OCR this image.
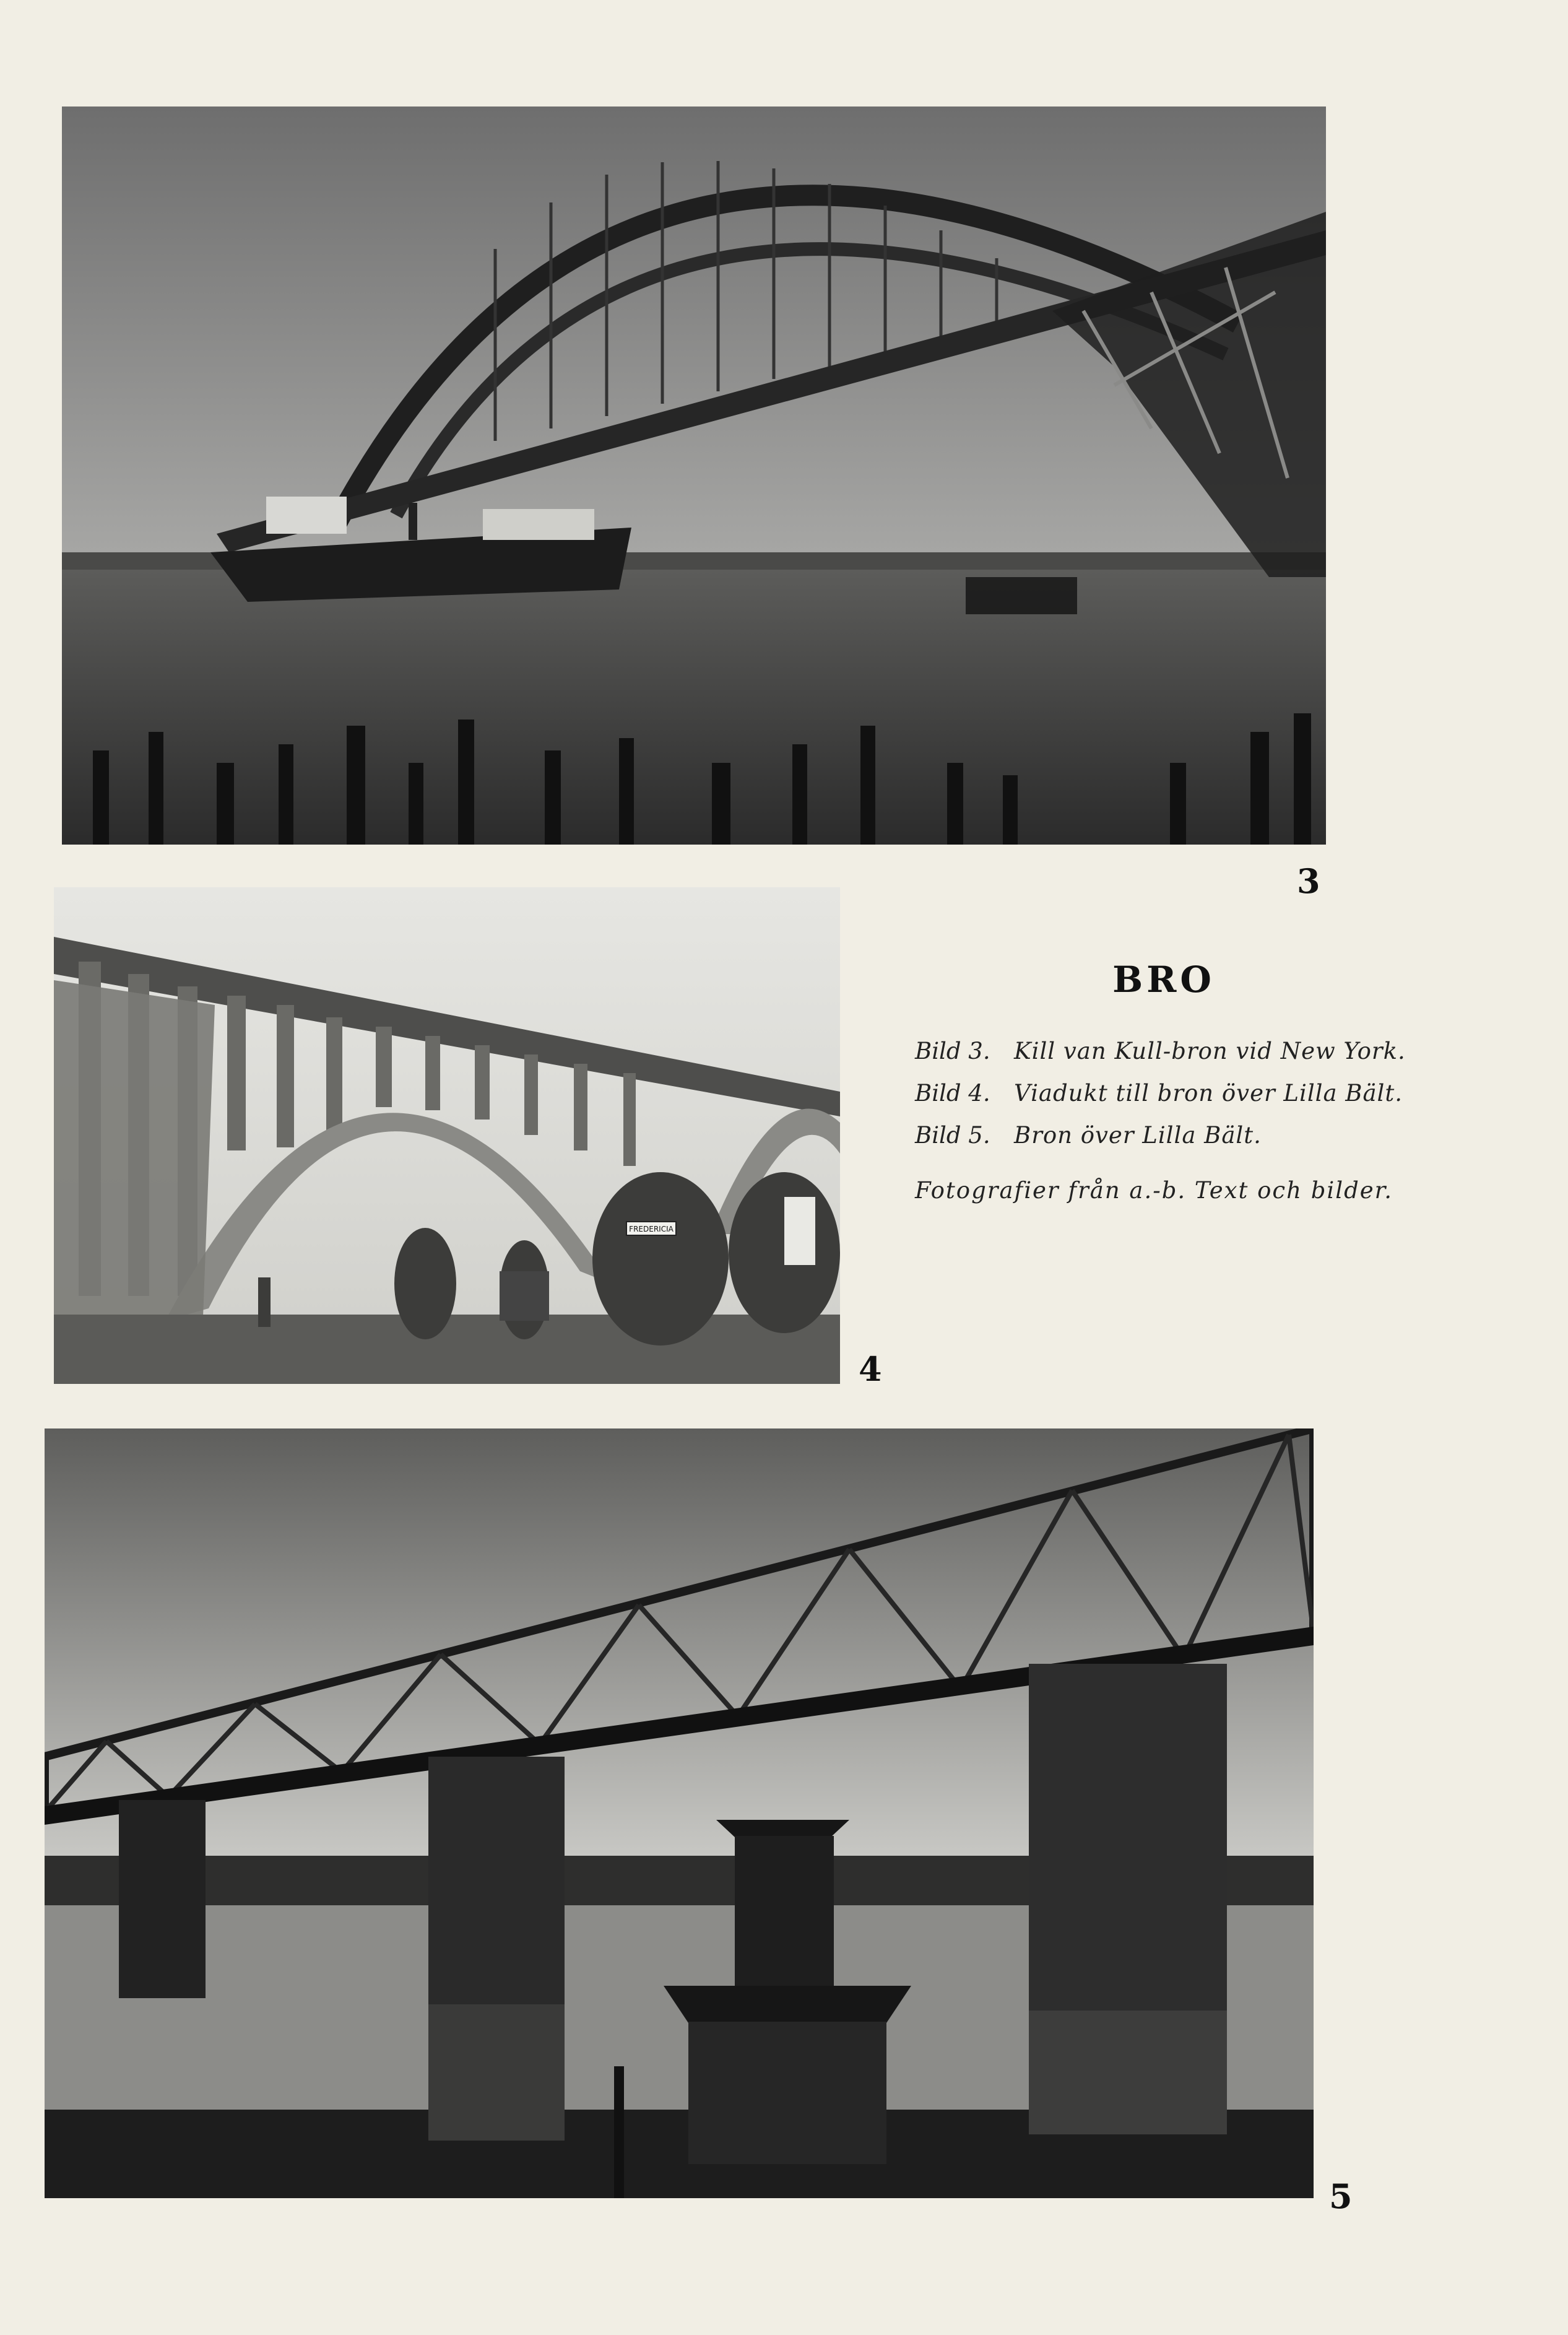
3
FREDERICIA
4
BRO
Bild 3.	Kill van Kull-bron vid New York.
Bild 4.	Viadukt till bron över Lilla Bält.
Bild 5.	Bron över Lilla Bält.
Fotografier från a.-b. Text och bilder.
5
